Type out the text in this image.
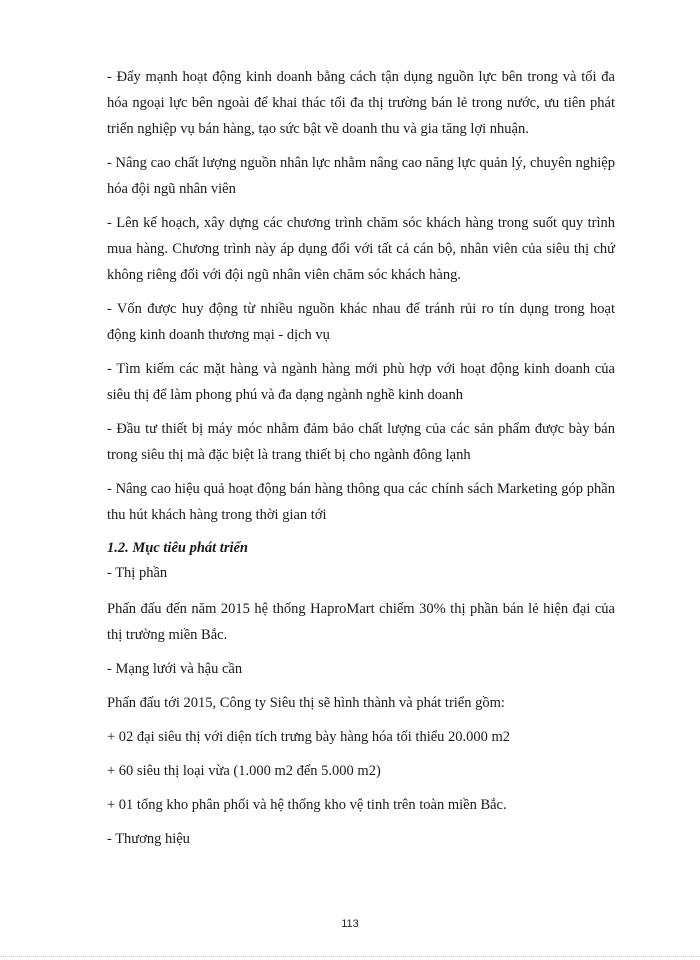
- Đẩy mạnh hoạt động kinh doanh bằng cách tận dụng nguồn lực bên trong và tối đa hóa ngoại lực bên ngoài để khai thác tối đa thị trường bán lẻ trong nước, ưu tiên phát triển nghiệp vụ bán hàng, tạo sức bật về doanh thu và gia tăng lợi nhuận.

- Nâng cao chất lượng nguồn nhân lực nhằm nâng cao năng lực quản lý, chuyên nghiệp hóa đội ngũ nhân viên

- Lên kế hoạch, xây dựng các chương trình chăm sóc khách hàng trong suốt quy trình mua hàng. Chương trình này áp dụng đối với tất cả cán bộ, nhân viên của siêu thị chứ không riêng đối với đội ngũ nhân viên chăm sóc khách hàng.

- Vốn được huy động từ nhiều nguồn khác nhau để tránh rủi ro tín dụng trong hoạt động kinh doanh thương mại - dịch vụ

- Tìm kiếm các mặt hàng và ngành hàng mới phù hợp với hoạt động kinh doanh của siêu thị để làm phong phú và đa dạng ngành nghề kinh doanh

- Đầu tư thiết bị máy móc nhằm đảm bảo chất lượng của các sản phẩm được bày bán trong siêu thị mà đặc biệt là trang thiết bị cho ngành đông lạnh

- Nâng cao hiệu quả hoạt động bán hàng thông qua các chính sách Marketing góp phần thu hút khách hàng trong thời gian tới

1.2. Mục tiêu phát triển

- Thị phần

Phấn đấu đến năm 2015 hệ thống HaproMart chiếm 30% thị phần bán lẻ hiện đại của thị trường miền Bắc.

- Mạng lưới và hậu cần

Phấn đấu tới 2015, Công ty Siêu thị sẽ hình thành và phát triển gồm:

+ 02 đại siêu thị với diện tích trưng bày hàng hóa tối thiểu 20.000 m2

+ 60 siêu thị loại vừa (1.000 m2 đến 5.000 m2)

+ 01 tổng kho phân phối và hệ thống kho vệ tinh trên toàn miền Bắc.

- Thương hiệu

113
